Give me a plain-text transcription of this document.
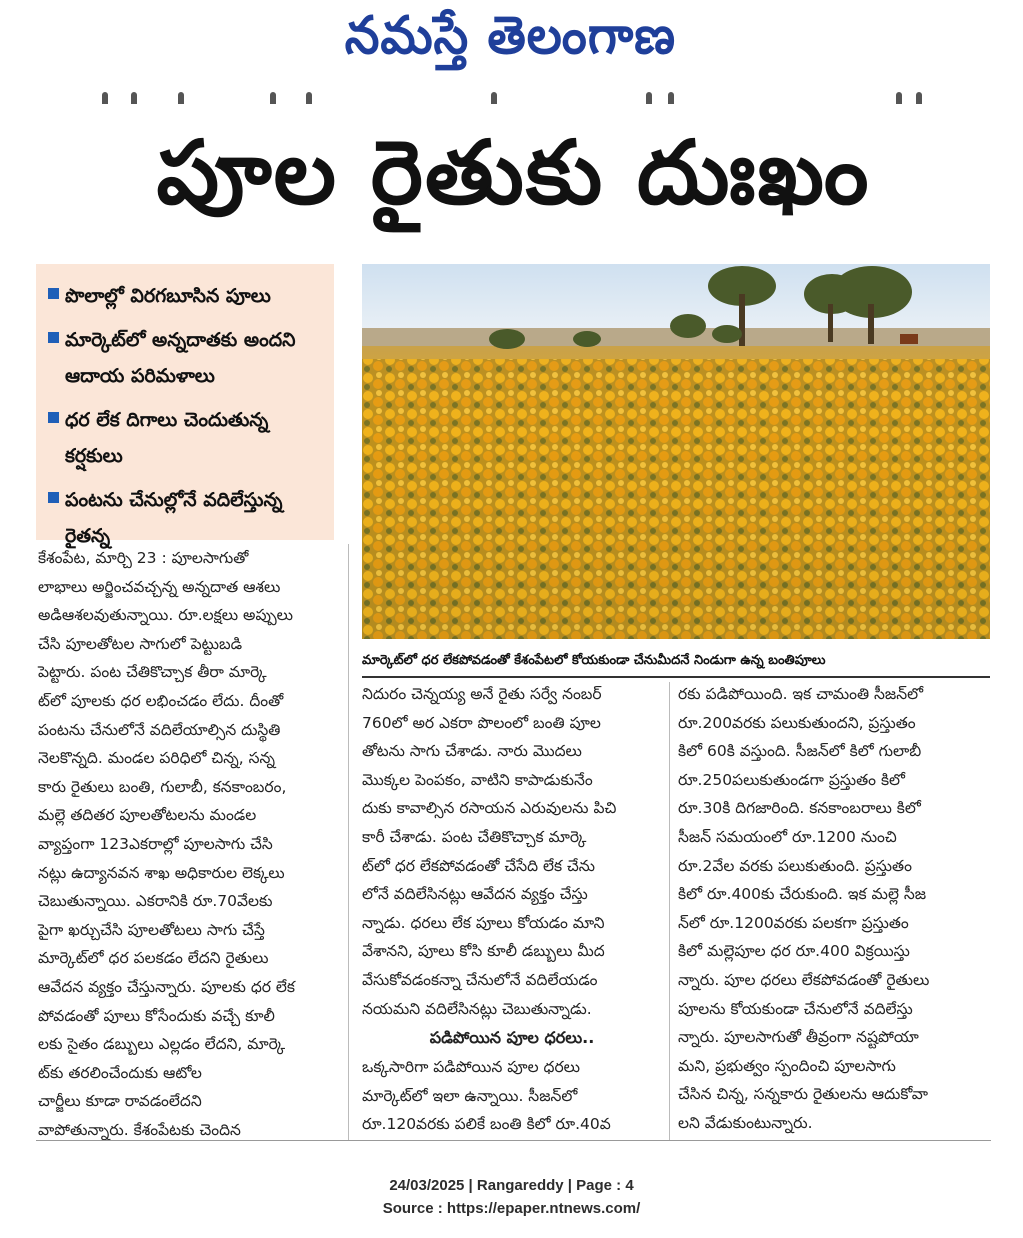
నమస్తే తెలంగాణ
పూల రైతుకు దుఃఖం
పొలాల్లో విరగబూసిన పూలు
మార్కెట్‌లో అన్నదాతకు అందని ఆదాయ పరిమళాలు
ధర లేక దిగాలు చెందుతున్న కర్షకులు
పంటను చేనుల్లోనే వదిలేస్తున్న రైతన్న
మార్కెట్‌లో ధర లేకపోవడంతో కేశంపేటలో కోయకుండా చేనుమీదనే నిండుగా ఉన్న బంతిపూలు

కేశంపేట, మార్చి 23 : పూలసాగుతో
లాభాలు అర్జించవచ్చన్న అన్నదాత ఆశలు
అడిఆశలవుతున్నాయి. రూ.లక్షలు అప్పులు
చేసి పూలతోటల సాగులో పెట్టుబడి
పెట్టారు. పంట చేతికొచ్చాక తీరా మార్కె
ట్‌లో పూలకు ధర లభించడం లేదు. దీంతో
పంటను చేనులోనే వదిలేయాల్సిన దుస్థితి
నెలకొన్నది. మండల పరిధిలో చిన్న, సన్న
కారు రైతులు బంతి, గులాబీ, కనకాంబరం,
మల్లె తదితర పూలతోటలను మండల
వ్యాప్తంగా 123ఎకరాల్లో పూలసాగు చేసి
నట్లు ఉద్యానవన శాఖ అధికారుల లెక్కలు
చెబుతున్నాయి. ఎకరానికి రూ.70వేలకు
పైగా ఖర్చుచేసి పూలతోటలు సాగు చేస్తే
మార్కెట్‌లో ధర పలకడం లేదని రైతులు
ఆవేదన వ్యక్తం చేస్తున్నారు. పూలకు ధర లేక
పోవడంతో పూలు కోసేందుకు వచ్చే కూలీ
లకు సైతం డబ్బులు ఎల్లడం లేదని, మార్కె
ట్‌కు తరలించేందుకు ఆటోల
చార్జీలు కూడా రావడంలేదని
వాపోతున్నారు. కేశంపేటకు చెందిన

నిదురం చెన్నయ్య అనే రైతు సర్వే నంబర్
760లో అర ఎకరా పొలంలో బంతి పూల
తోటను సాగు చేశాడు. నారు మొదలు
మొక్కల పెంపకం, వాటిని కాపాడుకునేం
దుకు కావాల్సిన రసాయన ఎరువులను పిచి
కారీ చేశాడు. పంట చేతికొచ్చాక మార్కె
ట్‌లో ధర లేకపోవడంతో చేసేది లేక చేను
లోనే వదిలేసినట్లు ఆవేదన వ్యక్తం చేస్తు
న్నాడు. ధరలు లేక పూలు కోయడం మాని
వేశానని, పూలు కోసి కూలీ డబ్బులు మీద
వేసుకోవడంకన్నా చేనులోనే వదిలేయడం
నయమని వదిలేసినట్లు చెబుతున్నాడు.

పడిపోయిన పూల ధరలు..

ఒక్కసారిగా పడిపోయిన పూల ధరలు
మార్కెట్‌లో ఇలా ఉన్నాయి. సీజన్‌లో
రూ.120వరకు పలికే బంతి కిలో రూ.40వ

రకు పడిపోయింది. ఇక చామంతి సీజన్‌లో
రూ.200వరకు పలుకుతుందని, ప్రస్తుతం
కిలో 60కి వస్తుంది. సీజన్‌లో కిలో గులాబీ
రూ.250పలుకుతుండగా ప్రస్తుతం కిలో
రూ.30కి దిగజారింది. కనకాంబరాలు కిలో
సీజన్ సమయంలో రూ.1200 నుంచి
రూ.2వేల వరకు పలుకుతుంది. ప్రస్తుతం
కిలో రూ.400కు చేరుకుంది. ఇక మల్లె సీజ
న్‌లో రూ.1200వరకు పలకగా ప్రస్తుతం
కిలో మల్లెపూల ధర రూ.400 విక్రయిస్తు
న్నారు. పూల ధరలు లేకపోవడంతో రైతులు
పూలను కోయకుండా చేనులోనే వదిలేస్తు
న్నారు. పూలసాగుతో తీవ్రంగా నష్టపోయా
మని, ప్రభుత్వం స్పందించి పూలసాగు
చేసిన చిన్న, సన్నకారు రైతులను ఆదుకోవా
లని వేడుకుంటున్నారు.

24/03/2025 | Rangareddy | Page : 4
Source : https://epaper.ntnews.com/
